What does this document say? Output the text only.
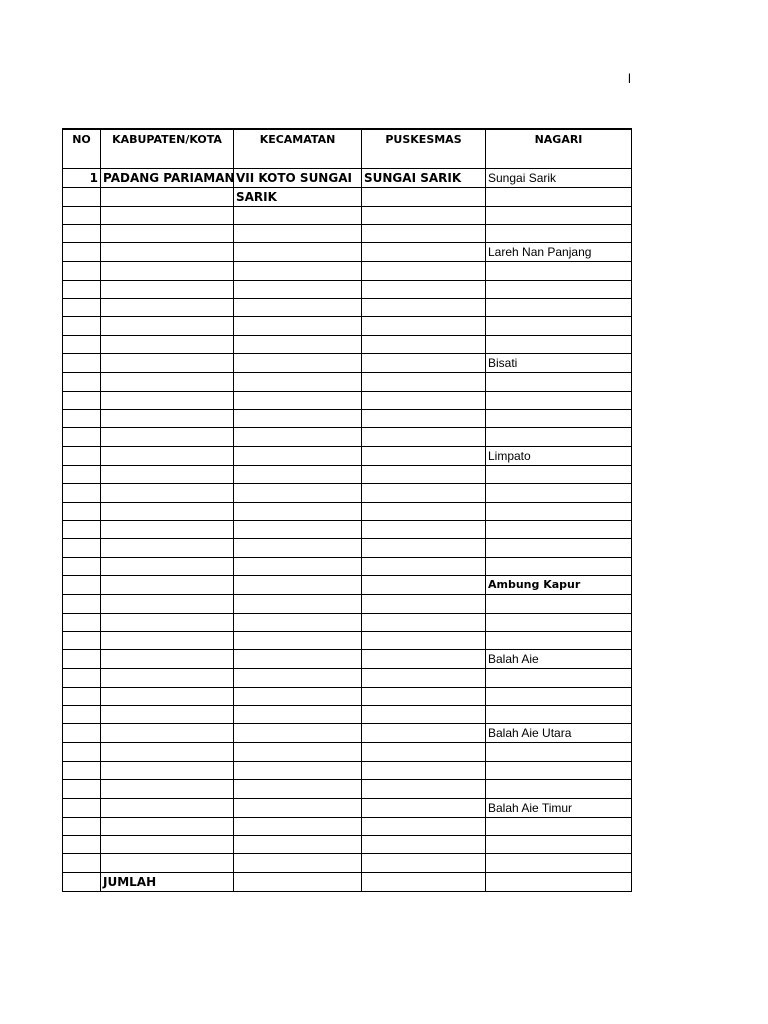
l
NO	KABUPATEN/KOTA	KECAMATAN	PUSKESMAS	NAGARI
1	PADANG PARIAMAN	VII KOTO SUNGAI	SUNGAI SARIK	Sungai Sarik
		SARIK		

				Lareh Nan Panjang

				Bisati

				Limpato

				Ambung Kapur

				Balah Aie

				Balah Aie Utara

				Balah Aie Timur

	JUMLAH			
